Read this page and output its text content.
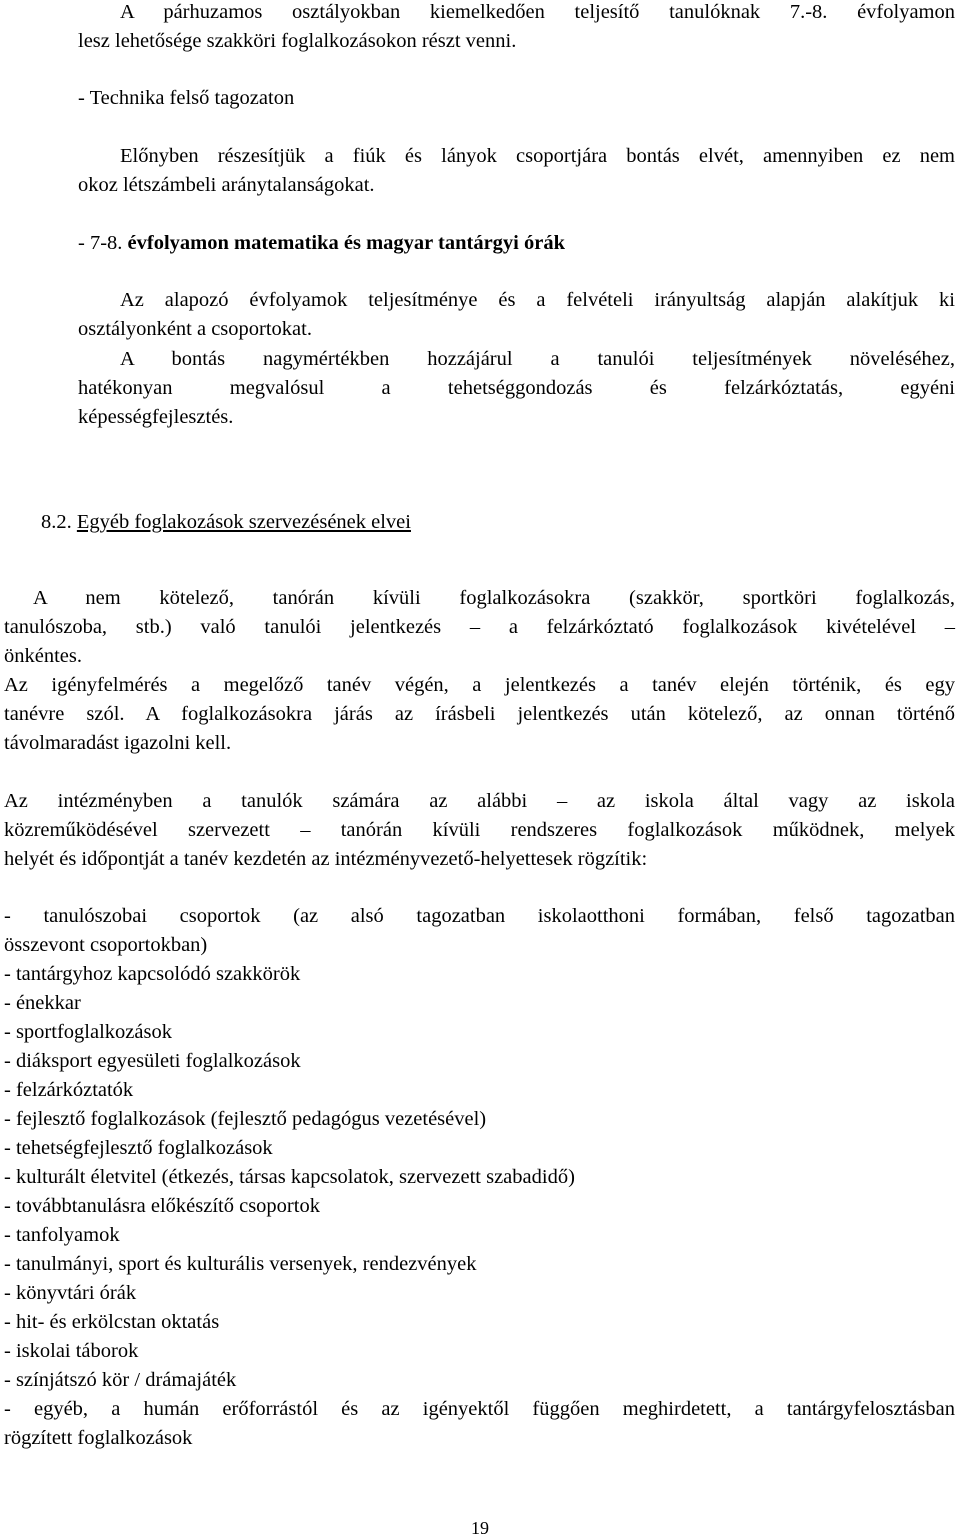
A párhuzamos osztályokban kiemelkedően teljesítő tanulóknak 7.-8. évfolyamon
lesz lehetősége szakköri foglalkozásokon részt venni.
- Technika felső tagozaton
Előnyben részesítjük a fiúk és lányok csoportjára bontás elvét, amennyiben ez nem
okoz létszámbeli aránytalanságokat.
- 7-8. évfolyamon matematika és magyar tantárgyi órák
Az alapozó évfolyamok teljesítménye és a felvételi irányultság alapján alakítjuk ki
osztályonként a csoportokat.
A bontás nagymértékben hozzájárul a tanulói teljesítmények növeléséhez,
hatékonyan megvalósul a tehetséggondozás és felzárkóztatás, egyéni
képességfejlesztés.
8.2. Egyéb foglakozások szervezésének elvei
A nem kötelező, tanórán kívüli foglalkozásokra (szakkör, sportköri foglalkozás,
tanulószoba, stb.) való tanulói jelentkezés – a felzárkóztató foglalkozások kivételével –
önkéntes.
Az igényfelmérés a megelőző tanév végén, a jelentkezés a tanév elején történik, és egy
tanévre szól. A foglalkozásokra járás az írásbeli jelentkezés után kötelező, az onnan történő
távolmaradást igazolni kell.
Az intézményben a tanulók számára az alábbi – az iskola által vagy az iskola
közreműködésével szervezett – tanórán kívüli rendszeres foglalkozások működnek, melyek
helyét és időpontját a tanév kezdetén az intézményvezető-helyettesek rögzítik:
- tanulószobai csoportok (az alsó tagozatban iskolaotthoni formában, felső tagozatban
összevont csoportokban)
- tantárgyhoz kapcsolódó szakkörök
- énekkar
- sportfoglalkozások
- diáksport egyesületi foglalkozások
- felzárkóztatók
- fejlesztő foglalkozások (fejlesztő pedagógus vezetésével)
- tehetségfejlesztő foglalkozások
- kulturált életvitel (étkezés, társas kapcsolatok, szervezett szabadidő)
- továbbtanulásra előkészítő csoportok
- tanfolyamok
- tanulmányi, sport és kulturális versenyek, rendezvények
- könyvtári órák
- hit- és erkölcstan oktatás
- iskolai táborok
- színjátszó kör / drámajáték
- egyéb, a humán erőforrástól és az igényektől függően meghirdetett, a tantárgyfelosztásban
rögzített foglalkozások
19
